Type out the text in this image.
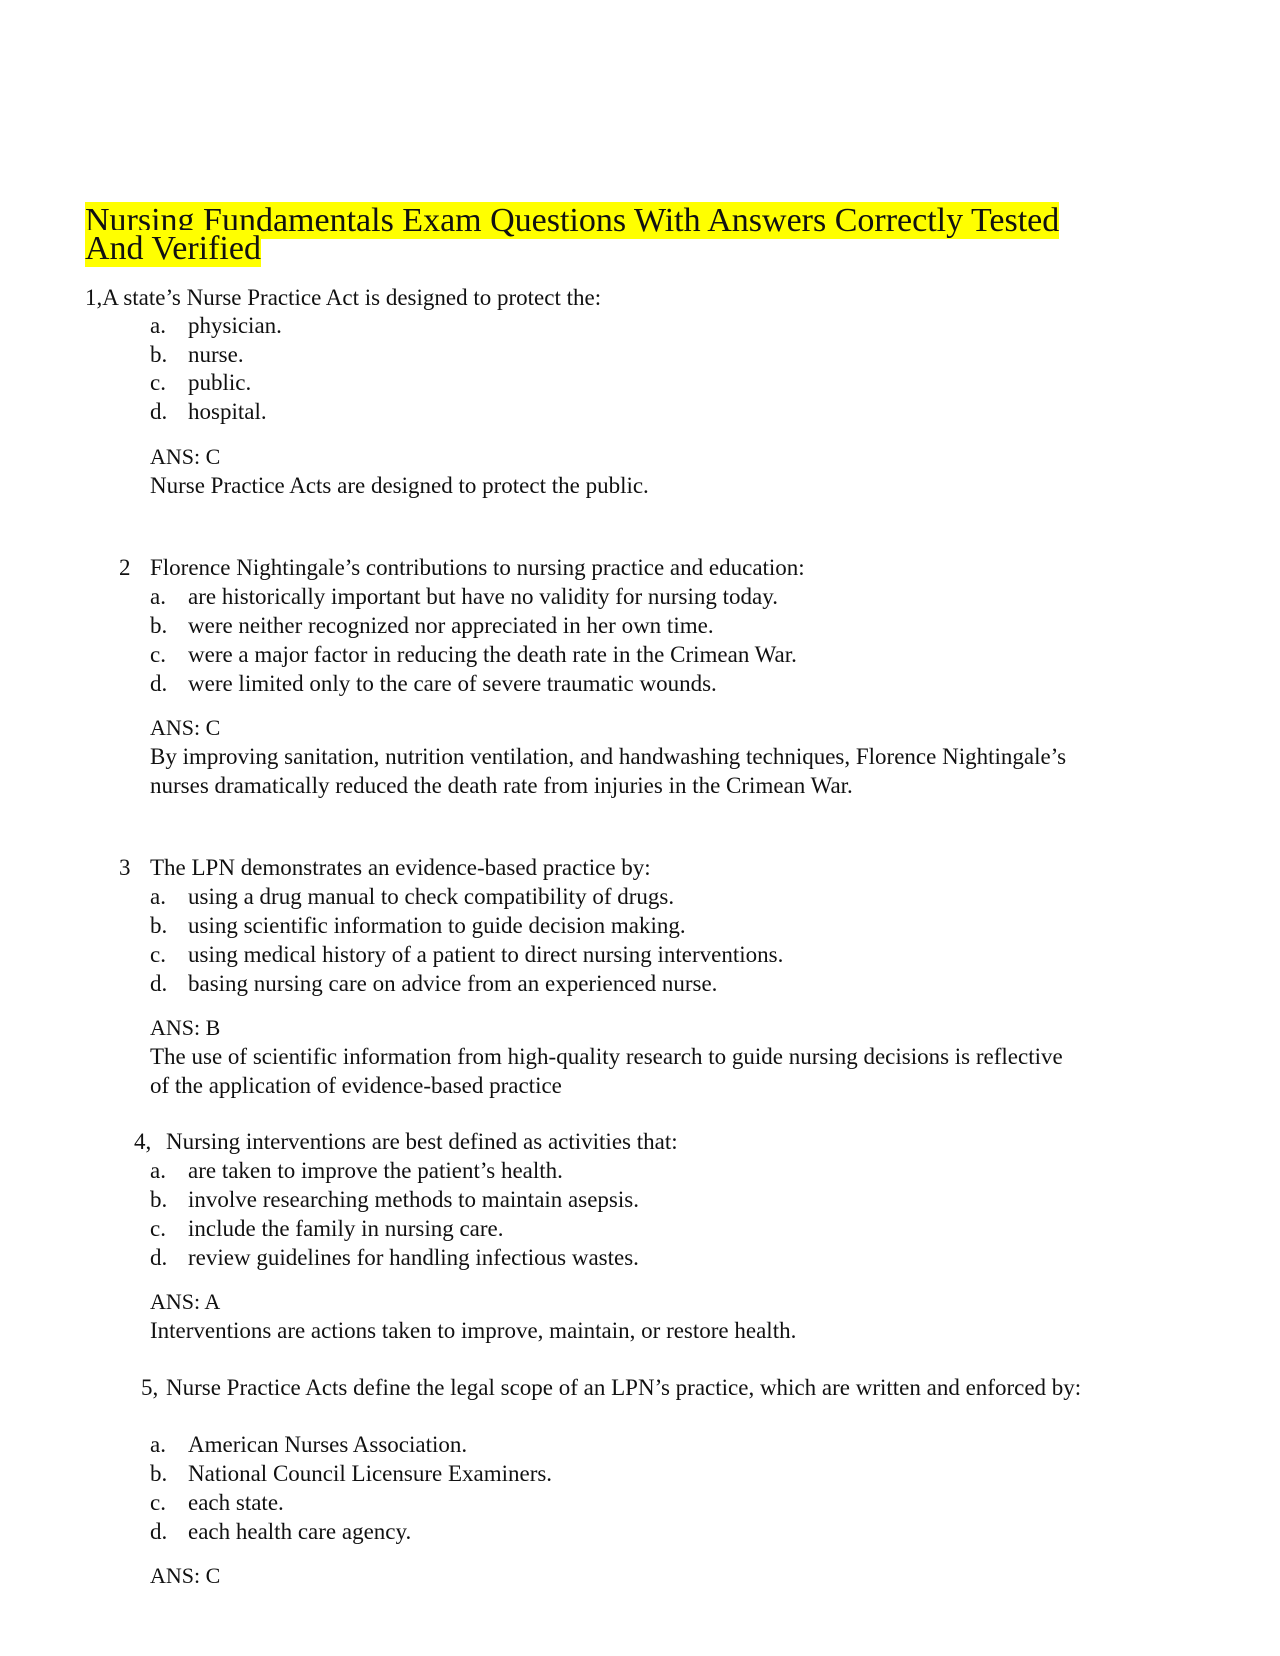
Nursing Fundamentals Exam Questions With Answers Correctly Tested And Verified

1,A state’s Nurse Practice Act is designed to protect the:

a. physician.
b. nurse.
c. public.
d. hospital.
ANS: C
Nurse Practice Acts are designed to protect the public.
2 Florence Nightingale’s contributions to nursing practice and education:

a. are historically important but have no validity for nursing today.
b. were neither recognized nor appreciated in her own time.
c. were a major factor in reducing the death rate in the Crimean War.
d. were limited only to the care of severe traumatic wounds.
ANS: C
By improving sanitation, nutrition ventilation, and handwashing techniques, Florence Nightingale’s nurses dramatically reduced the death rate from injuries in the Crimean War.
3 The LPN demonstrates an evidence-based practice by:

a. using a drug manual to check compatibility of drugs.
b. using scientific information to guide decision making.
c. using medical history of a patient to direct nursing interventions.
d. basing nursing care on advice from an experienced nurse.
ANS: B
The use of scientific information from high-quality research to guide nursing decisions is reflective of the application of evidence-based practice
4, Nursing interventions are best defined as activities that:

a. are taken to improve the patient’s health.
b. involve researching methods to maintain asepsis.
c. include the family in nursing care.
d. review guidelines for handling infectious wastes.
ANS: A
Interventions are actions taken to improve, maintain, or restore health.
5, Nurse Practice Acts define the legal scope of an LPN’s practice, which are written and enforced by:

a. American Nurses Association.
b. National Council Licensure Examiners.
c. each state.
d. each health care agency.
ANS: C
